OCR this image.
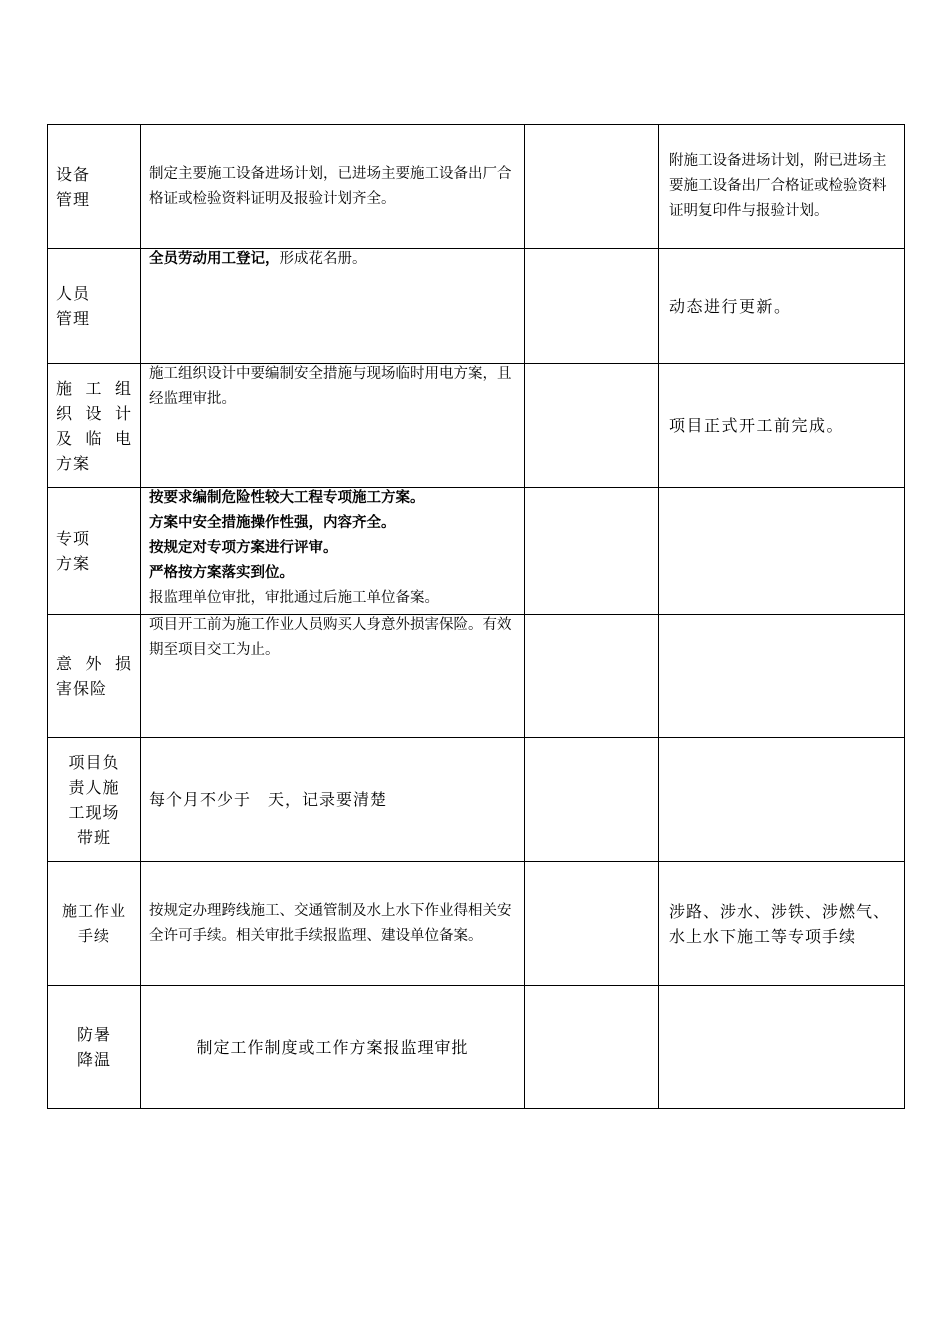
设备
管理	制定主要施工设备进场计划，已进场主要施工设备出厂合格证或检验资料证明及报验计划齐全。		附施工设备进场计划，附已进场主要施工设备出厂合格证或检验资料证明复印件与报验计划。

人员
管理	全员劳动用工登记，形成花名册。		动态进行更新。

施 工 组
织 设 计
及 临 电
方案	施工组织设计中要编制安全措施与现场临时用电方案，且经监理审批。		项目正式开工前完成。

专项
方案	按要求编制危险性较大工程专项施工方案。
方案中安全措施操作性强，内容齐全。
按规定对专项方案进行评审。
严格按方案落实到位。
报监理单位审批，审批通过后施工单位备案。		

意 外 损
害保险	项目开工前为施工作业人员购买人身意外损害保险。有效期至项目交工为止。		

项目负
责人施
工现场
带班	每个月不少于　天，记录要清楚		

施工作业
手续	按规定办理跨线施工、交通管制及水上水下作业得相关安全许可手续。相关审批手续报监理、建设单位备案。		涉路、涉水、涉铁、涉燃气、水上水下施工等专项手续

防暑
降温	制定工作制度或工作方案报监理审批		
